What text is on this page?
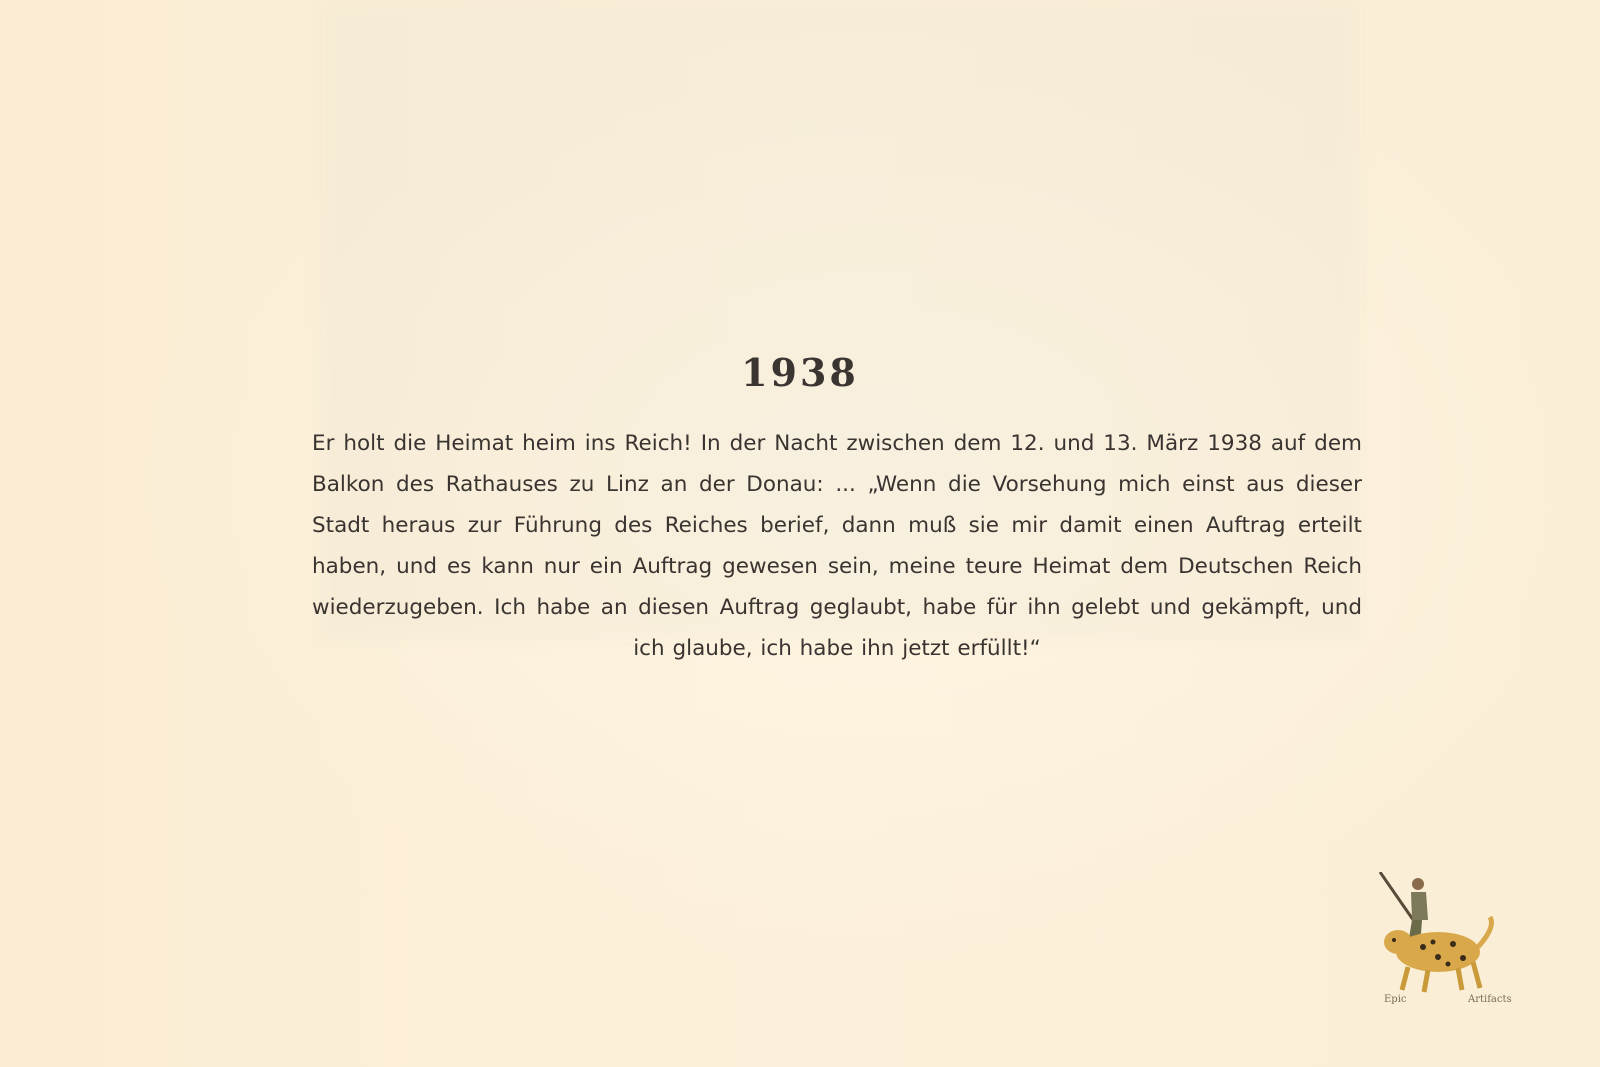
1938
Er holt die Heimat heim ins Reich! In der Nacht zwischen dem 12. und 13. März 1938 auf dem Balkon des Rathauses zu Linz an der Donau: ... „Wenn die Vorsehung mich einst aus dieser Stadt heraus zur Führung des Reiches berief, dann muß sie mir damit einen Auftrag erteilt haben, und es kann nur ein Auftrag gewesen sein, meine teure Heimat dem Deutschen Reich wiederzugeben. Ich habe an diesen Auftrag geglaubt, habe für ihn gelebt und gekämpft, und ich glaube, ich habe ihn jetzt erfüllt!“
Epic	Artifacts
